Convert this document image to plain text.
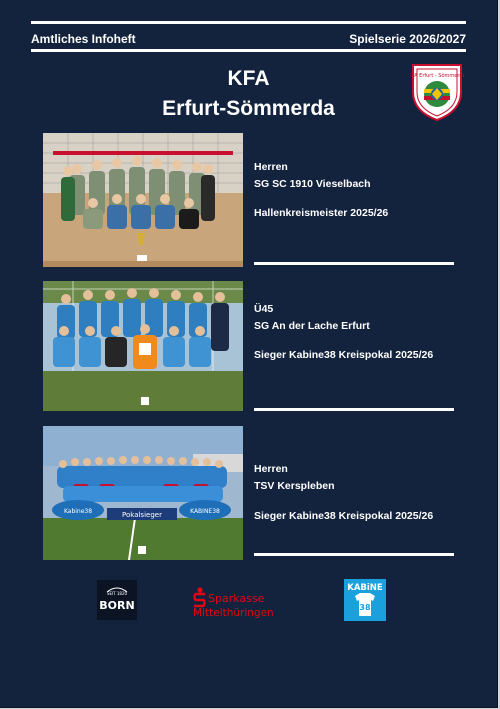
Amtliches Infoheft	Spielserie 2026/2027
KFA
Erfurt-Sömmerda
KFA Erfurt - Sömmerda
Herren
SG SC 1910 Vieselbach
Hallenkreismeister 2025/26
Ü45
SG An der Lache Erfurt
Sieger Kabine38 Kreispokal 2025/26
Kabine38	Pokalsieger	KABINE38
Herren
TSV Kerspleben
Sieger Kabine38 Kreispokal 2025/26
SEIT 1820
BORN
Sparkasse
Mittelthüringen
KABiNE
38
